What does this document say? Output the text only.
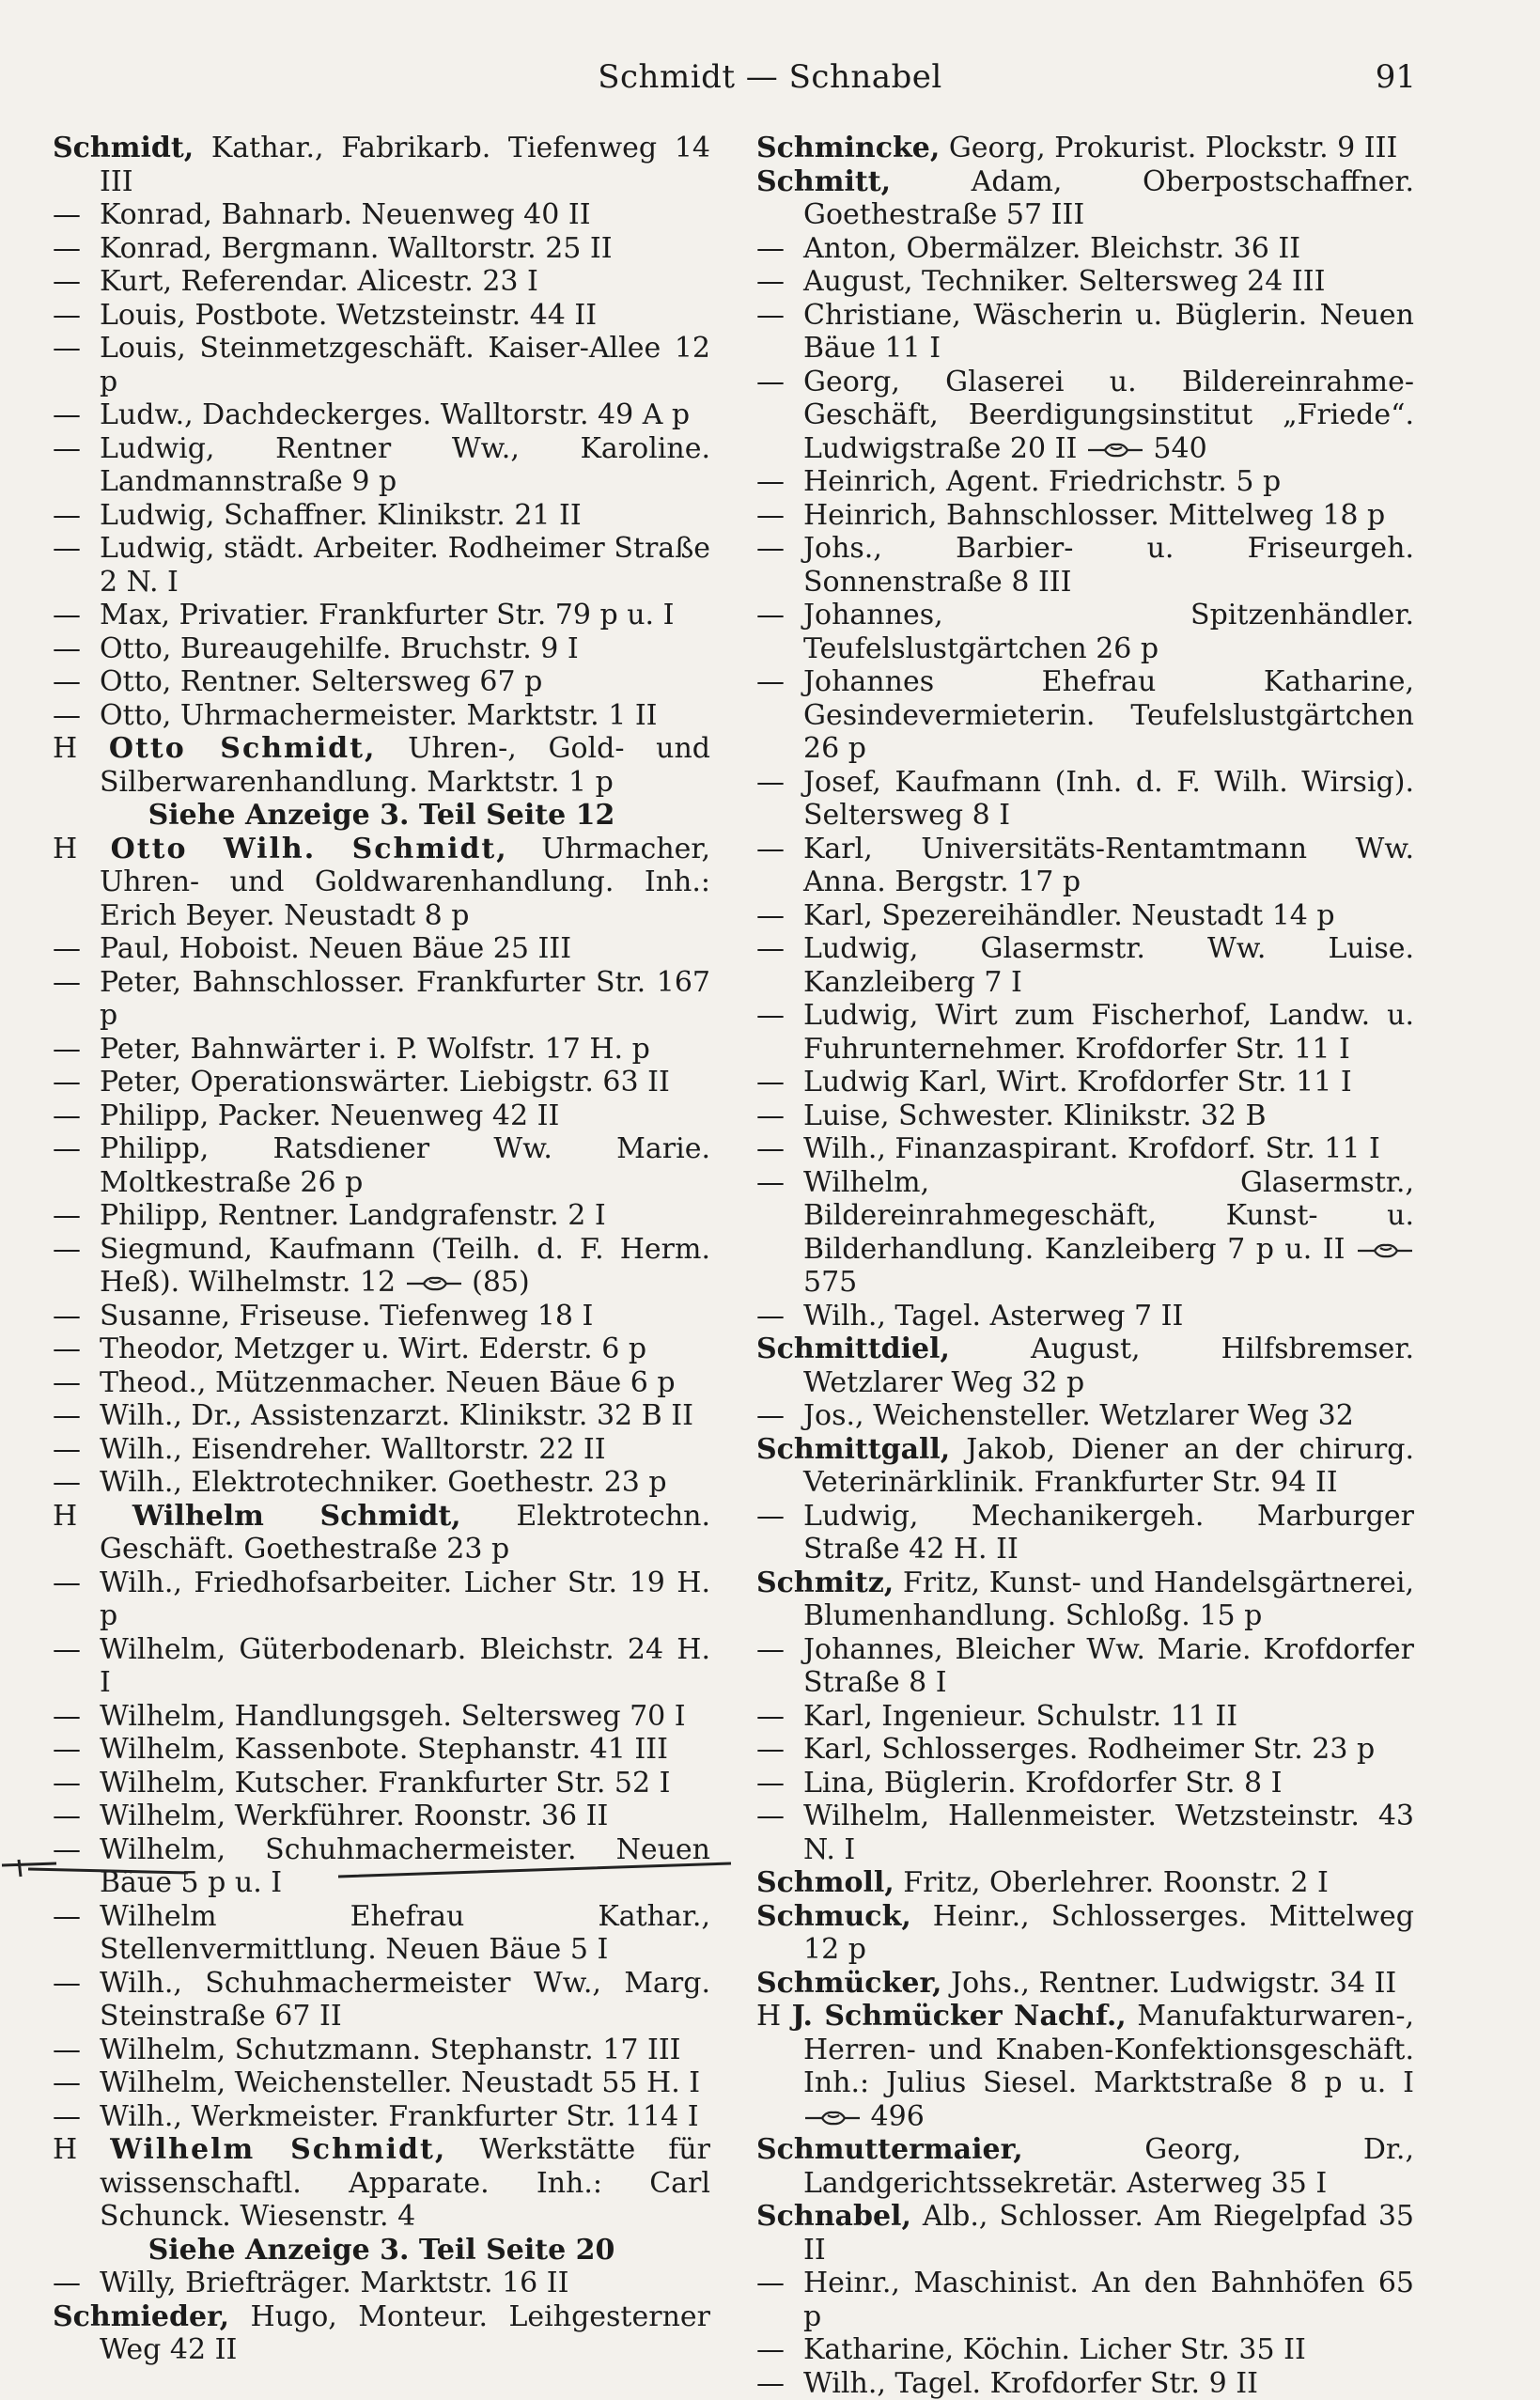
Schmidt — Schnabel	91
Schmidt, Kathar., Fabrikarb. Tiefenweg 14 III
— Konrad, Bahnarb. Neuenweg 40 II
— Konrad, Bergmann. Walltorstr. 25 II
— Kurt, Referendar. Alicestr. 23 I
— Louis, Postbote. Wetzsteinstr. 44 II
— Louis, Steinmetzgeschäft. Kaiser-Allee 12 p
— Ludw., Dachdeckerges. Walltorstr. 49 A p
— Ludwig, Rentner Ww., Karoline. Landmannstraße 9 p
— Ludwig, Schaffner. Klinikstr. 21 II
— Ludwig, städt. Arbeiter. Rodheimer Straße 2 N. I
— Max, Privatier. Frankfurter Str. 79 p u. I
— Otto, Bureaugehilfe. Bruchstr. 9 I
— Otto, Rentner. Seltersweg 67 p
— Otto, Uhrmachermeister. Marktstr. 1 II
H Otto Schmidt, Uhren-, Gold- und Silberwarenhandlung. Marktstr. 1 p
Siehe Anzeige 3. Teil Seite 12
H Otto Wilh. Schmidt, Uhrmacher, Uhren- und Goldwarenhandlung. Inh.: Erich Beyer. Neustadt 8 p
— Paul, Hoboist. Neuen Bäue 25 III
— Peter, Bahnschlosser. Frankfurter Str. 167 p
— Peter, Bahnwärter i. P. Wolfstr. 17 H. p
— Peter, Operationswärter. Liebigstr. 63 II
— Philipp, Packer. Neuenweg 42 II
— Philipp, Ratsdiener Ww. Marie. Moltkestraße 26 p
— Philipp, Rentner. Landgrafenstr. 2 I
— Siegmund, Kaufmann (Teilh. d. F. Herm. Heß). Wilhelmstr. 12  (85)
— Susanne, Friseuse. Tiefenweg 18 I
— Theodor, Metzger u. Wirt. Ederstr. 6 p
— Theod., Mützenmacher. Neuen Bäue 6 p
— Wilh., Dr., Assistenzarzt. Klinikstr. 32 B II
— Wilh., Eisendreher. Walltorstr. 22 II
— Wilh., Elektrotechniker. Goethestr. 23 p
H Wilhelm Schmidt, Elektrotechn. Geschäft. Goethestraße 23 p
— Wilh., Friedhofsarbeiter. Licher Str. 19 H. p
— Wilhelm, Güterbodenarb. Bleichstr. 24 H. I
— Wilhelm, Handlungsgeh. Seltersweg 70 I
— Wilhelm, Kassenbote. Stephanstr. 41 III
— Wilhelm, Kutscher. Frankfurter Str. 52 I
— Wilhelm, Werkführer. Roonstr. 36 II
— Wilhelm, Schuhmachermeister. Neuen Bäue 5 p u. I
— Wilhelm Ehefrau Kathar., Stellenvermittlung. Neuen Bäue 5 I
— Wilh., Schuhmachermeister Ww., Marg. Steinstraße 67 II
— Wilhelm, Schutzmann. Stephanstr. 17 III
— Wilhelm, Weichensteller. Neustadt 55 H. I
— Wilh., Werkmeister. Frankfurter Str. 114 I
H Wilhelm Schmidt, Werkstätte für wissenschaftl. Apparate. Inh.: Carl Schunck. Wiesenstr. 4
Siehe Anzeige 3. Teil Seite 20
— Willy, Briefträger. Marktstr. 16 II
Schmieder, Hugo, Monteur. Leihgesterner Weg 42 II
Schmincke, Georg, Prokurist. Plockstr. 9 III
Schmitt, Adam, Oberpostschaffner. Goethestraße 57 III
— Anton, Obermälzer. Bleichstr. 36 II
— August, Techniker. Seltersweg 24 III
— Christiane, Wäscherin u. Büglerin. Neuen Bäue 11 I
— Georg, Glaserei u. Bildereinrahme-Geschäft, Beerdigungsinstitut „Friede“. Ludwigstraße 20 II  540
— Heinrich, Agent. Friedrichstr. 5 p
— Heinrich, Bahnschlosser. Mittelweg 18 p
— Johs., Barbier- u. Friseurgeh. Sonnenstraße 8 III
— Johannes, Spitzenhändler. Teufelslustgärtchen 26 p
— Johannes Ehefrau Katharine, Gesindevermieterin. Teufelslustgärtchen 26 p
— Josef, Kaufmann (Inh. d. F. Wilh. Wirsig). Seltersweg 8 I
— Karl, Universitäts-Rentamtmann Ww. Anna. Bergstr. 17 p
— Karl, Spezereihändler. Neustadt 14 p
— Ludwig, Glasermstr. Ww. Luise. Kanzleiberg 7 I
— Ludwig, Wirt zum Fischerhof, Landw. u. Fuhrunternehmer. Krofdorfer Str. 11 I
— Ludwig Karl, Wirt. Krofdorfer Str. 11 I
— Luise, Schwester. Klinikstr. 32 B
— Wilh., Finanzaspirant. Krofdorf. Str. 11 I
— Wilhelm, Glasermstr., Bildereinrahmegeschäft, Kunst- u. Bilderhandlung. Kanzleiberg 7 p u. II  575
— Wilh., Tagel. Asterweg 7 II
Schmittdiel, August, Hilfsbremser. Wetzlarer Weg 32 p
— Jos., Weichensteller. Wetzlarer Weg 32
Schmittgall, Jakob, Diener an der chirurg. Veterinärklinik. Frankfurter Str. 94 II
— Ludwig, Mechanikergeh. Marburger Straße 42 H. II
Schmitz, Fritz, Kunst- und Handelsgärtnerei, Blumenhandlung. Schloßg. 15 p
— Johannes, Bleicher Ww. Marie. Krofdorfer Straße 8 I
— Karl, Ingenieur. Schulstr. 11 II
— Karl, Schlosserges. Rodheimer Str. 23 p
— Lina, Büglerin. Krofdorfer Str. 8 I
— Wilhelm, Hallenmeister. Wetzsteinstr. 43 N. I
Schmoll, Fritz, Oberlehrer. Roonstr. 2 I
Schmuck, Heinr., Schlosserges. Mittelweg 12 p
Schmücker, Johs., Rentner. Ludwigstr. 34 II
H J. Schmücker Nachf., Manufakturwaren-, Herren- und Knaben-Konfektionsgeschäft. Inh.: Julius Siesel. Marktstraße 8 p u. I  496
Schmuttermaier, Georg, Dr., Landgerichtssekretär. Asterweg 35 I
Schnabel, Alb., Schlosser. Am Riegelpfad 35 II
— Heinr., Maschinist. An den Bahnhöfen 65 p
— Katharine, Köchin. Licher Str. 35 II
— Wilh., Tagel. Krofdorfer Str. 9 II
